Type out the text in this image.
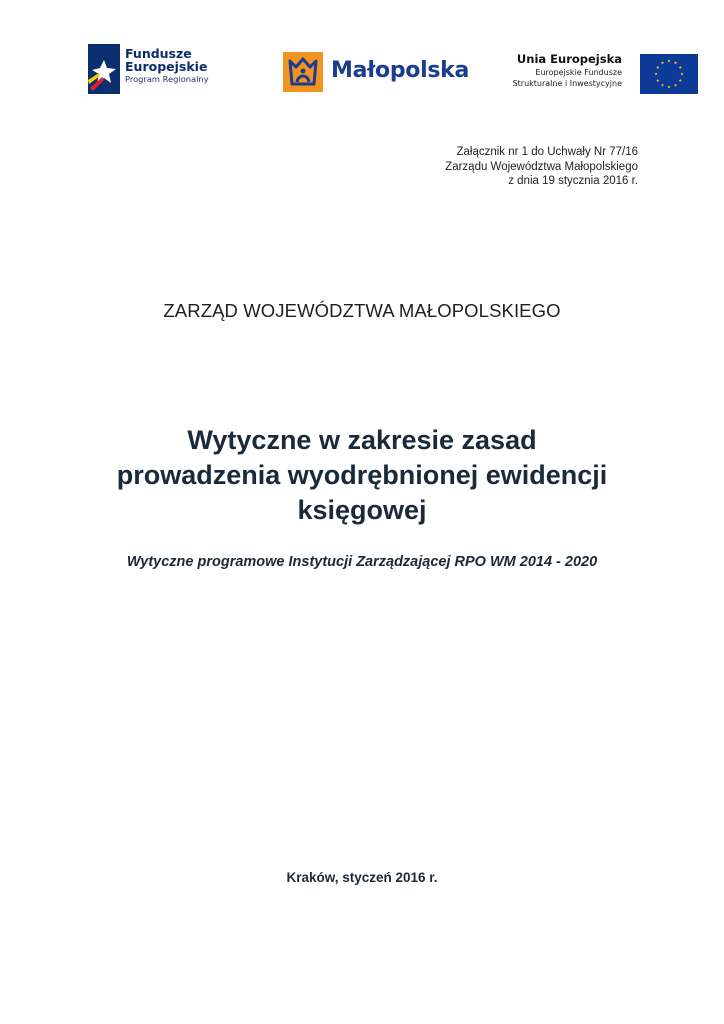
Fundusze
Europejskie
Program Regionalny	Małopolska	Unia Europejska
Europejskie Fundusze
Strukturalne i Inwestycyjne
Załącznik nr 1 do Uchwały Nr 77/16
Zarządu Województwa Małopolskiego
z dnia 19 stycznia 2016 r.
ZARZĄD WOJEWÓDZTWA MAŁOPOLSKIEGO
Wytyczne w zakresie zasad
prowadzenia wyodrębnionej ewidencji
księgowej
Wytyczne programowe Instytucji Zarządzającej RPO WM 2014 - 2020
Kraków, styczeń 2016 r.
